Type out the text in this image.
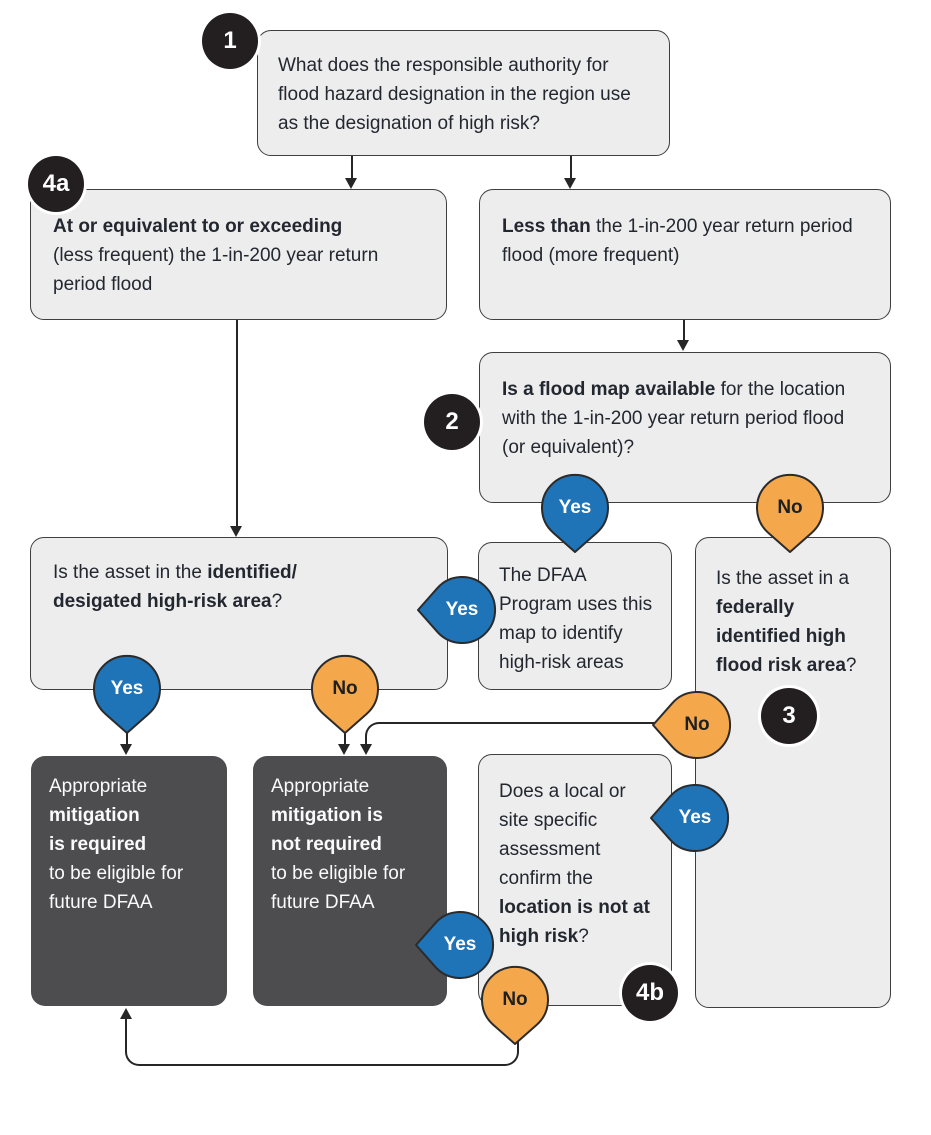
What does the responsible authority for flood hazard designation in the region use as the designation of high risk?
At or equivalent to or exceeding
(less frequent) the 1-in-200 year return period flood
Less than the 1-in-200 year return period flood (more frequent)
Is a flood map available for the location with the 1-in-200 year return period flood (or equivalent)?
Is the asset in the identified/
desigated high-risk area?
The DFAA Program uses this map to identify high-risk areas
Is the asset in a federally identified high flood risk area?
Does a local or site specific assessment confirm the location is not at high risk?
Appropriate
mitigation
is required
to be eligible for
future DFAA
Appropriate
mitigation is
not required
to be eligible for
future DFAA
1
4a
2
3
4b
Yes	No
Yes	No
No
Yes
No
Yes
Yes
